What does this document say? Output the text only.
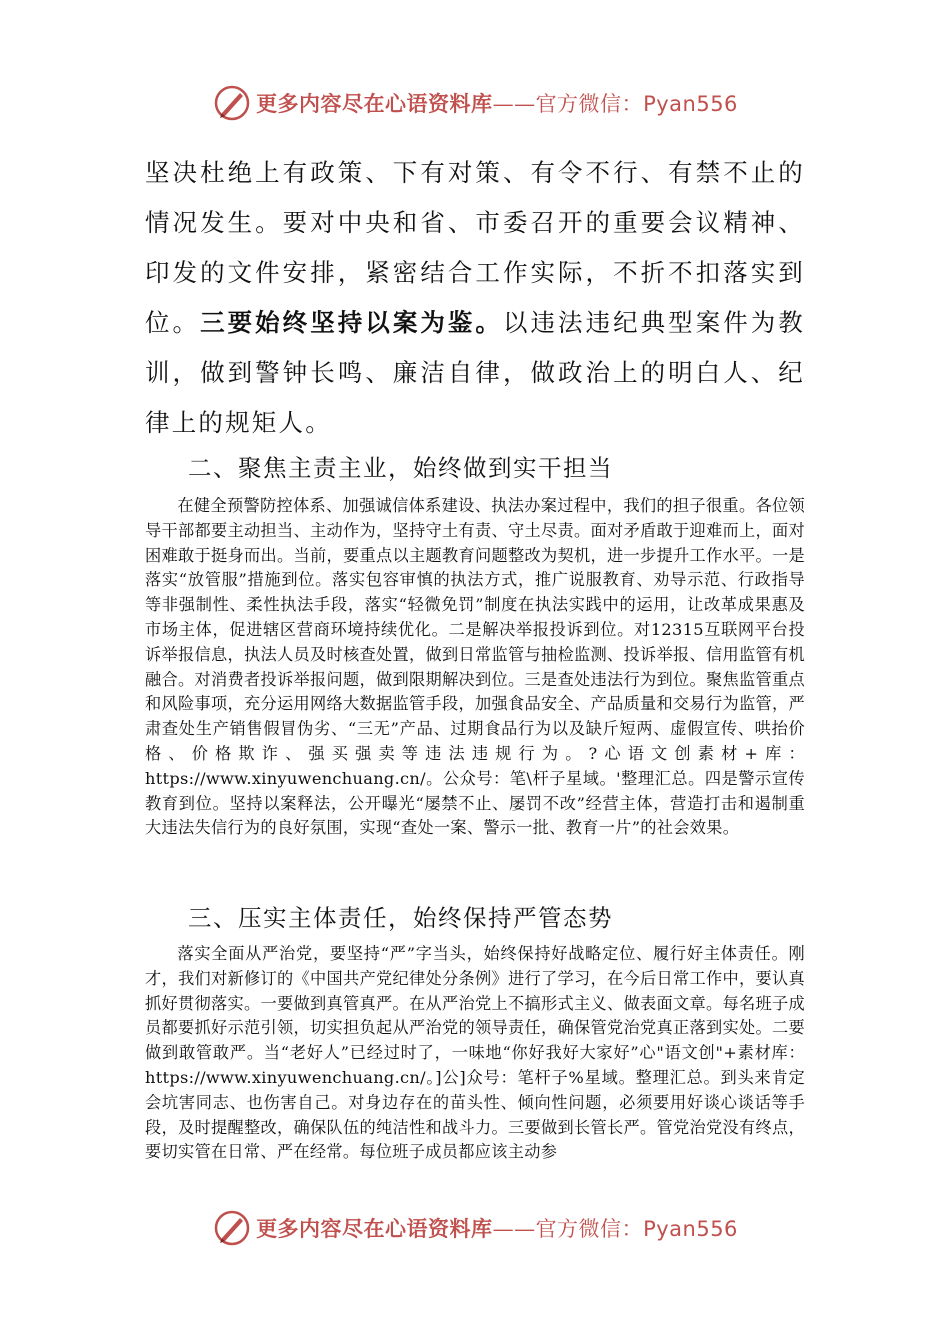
更多内容尽在心语资料库——官方微信：Pyan556

坚决杜绝上有政策、下有对策、有令不行、有禁不止的情况发生。要对中央和省、市委召开的重要会议精神、印发的文件安排，紧密结合工作实际，不折不扣落实到位。三要始终坚持以案为鉴。以违法违纪典型案件为教训，做到警钟长鸣、廉洁自律，做政治上的明白人、纪律上的规矩人。

二、聚焦主责主业，始终做到实干担当

在健全预警防控体系、加强诚信体系建设、执法办案过程中，我们的担子很重。各位领导干部都要主动担当、主动作为，坚持守土有责、守土尽责。面对矛盾敢于迎难而上，面对困难敢于挺身而出。当前，要重点以主题教育问题整改为契机，进一步提升工作水平。一是落实“放管服”措施到位。落实包容审慎的执法方式，推广说服教育、劝导示范、行政指导等非强制性、柔性执法手段，落实“轻微免罚”制度在执法实践中的运用，让改革成果惠及市场主体，促进辖区营商环境持续优化。二是解决举报投诉到位。对12315互联网平台投诉举报信息，执法人员及时核查处置，做到日常监管与抽检监测、投诉举报、信用监管有机融合。对消费者投诉举报问题，做到限期解决到位。三是查处违法行为到位。聚焦监管重点和风险事项，充分运用网络大数据监管手段，加强食品安全、产品质量和交易行为监管，严肃查处生产销售假冒伪劣、“三无”产品、过期食品行为以及缺斤短两、虚假宣传、哄抬价格、价格欺诈、强买强卖等违法违规行为。?心语文创素材+库：https://www.xinyuwenchuang.cn/。公众号：笔\杆子星域。'整理汇总。四是警示宣传教育到位。坚持以案释法，公开曝光“屡禁不止、屡罚不改”经营主体，营造打击和遏制重大违法失信行为的良好氛围，实现“查处一案、警示一批、教育一片”的社会效果。

三、压实主体责任，始终保持严管态势

落实全面从严治党，要坚持“严”字当头，始终保持好战略定位、履行好主体责任。刚才，我们对新修订的《中国共产党纪律处分条例》进行了学习，在今后日常工作中，要认真抓好贯彻落实。一要做到真管真严。在从严治党上不搞形式主义、做表面文章。每名班子成员都要抓好示范引领，切实担负起从严治党的领导责任，确保管党治党真正落到实处。二要做到敢管敢严。当“老好人”已经过时了，一味地“你好我好大家好”心"语文创"+素材库：https://www.xinyuwenchuang.cn/。]公]众号：笔杆子%星域。整理汇总。到头来肯定会坑害同志、也伤害自己。对身边存在的苗头性、倾向性问题，必须要用好谈心谈话等手段，及时提醒整改，确保队伍的纯洁性和战斗力。三要做到长管长严。管党治党没有终点，要切实管在日常、严在经常。每位班子成员都应该主动参

更多内容尽在心语资料库——官方微信：Pyan556
